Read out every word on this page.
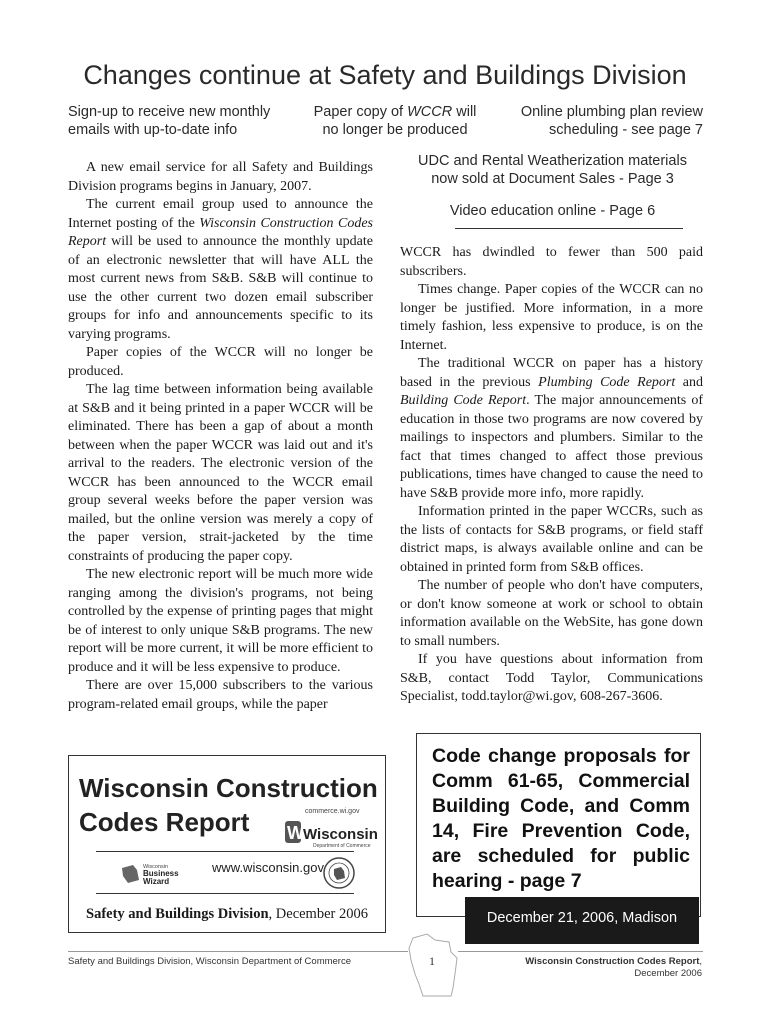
Changes continue at Safety and Buildings Division
Sign-up to receive new monthly
emails with up-to-date info
Paper copy of WCCR will
no longer be produced
Online plumbing plan review
scheduling - see page 7
UDC and Rental Weatherization materials
now sold at Document Sales - Page 3
Video education online - Page 6

A new email service for all Safety and Buildings Division programs begins in January, 2007.

The current email group used to announce the Internet posting of the Wisconsin Construction Codes Report will be used to announce the monthly update of an electronic newsletter that will have ALL the most current news from S&B. S&B will continue to use the other current two dozen email subscriber groups for info and announcements specific to its varying programs.

Paper copies of the WCCR will no longer be produced.

The lag time between information being available at S&B and it being printed in a paper WCCR will be eliminated. There has been a gap of about a month between when the paper WCCR was laid out and it's arrival to the readers. The electronic version of the WCCR has been announced to the WCCR email group several weeks before the paper version was mailed, but the online version was merely a copy of the paper version, strait-jacketed by the time constraints of producing the paper copy.

The new electronic report will be much more wide ranging among the division's programs, not being controlled by the expense of printing pages that might be of interest to only unique S&B programs. The new report will be more current, it will be more efficient to produce and it will be less expensive to produce.

There are over 15,000 subscribers to the various program-related email groups, while the paper

WCCR has dwindled to fewer than 500 paid subscribers.

Times change. Paper copies of the WCCR can no longer be justified. More information, in a more timely fashion, less expensive to produce, is on the Internet.

The traditional WCCR on paper has a history based in the previous Plumbing Code Report and Building Code Report. The major announcements of education in those two programs are now covered by mailings to inspectors and plumbers. Similar to the fact that times changed to affect those previous publications, times have changed to cause the need to have S&B provide more info, more rapidly.

Information printed in the paper WCCRs, such as the lists of contacts for S&B programs, or field staff district maps, is always available online and can be obtained in printed form from S&B offices.

The number of people who don't have computers, or don't know someone at work or school to obtain information available on the WebSite, has gone down to small numbers.

If you have questions about information from S&B, contact Todd Taylor, Communications Specialist, todd.taylor@wi.gov, 608-267-3606.

Wisconsin Construction
Codes Report	commerce.wi.gov
W Wisconsin
Department of Commerce
Wisconsin
Business
Wizard
www.wisconsin.gov
Safety and Buildings Division, December 2006
Code change proposals for Comm 61-65, Commercial Building Code, and Comm 14, Fire Prevention Code, are scheduled for public hearing - page 7
December 21, 2006, Madison
Safety and Buildings Division, Wisconsin Department of Commerce	1	Wisconsin Construction Codes Report,
December 2006
